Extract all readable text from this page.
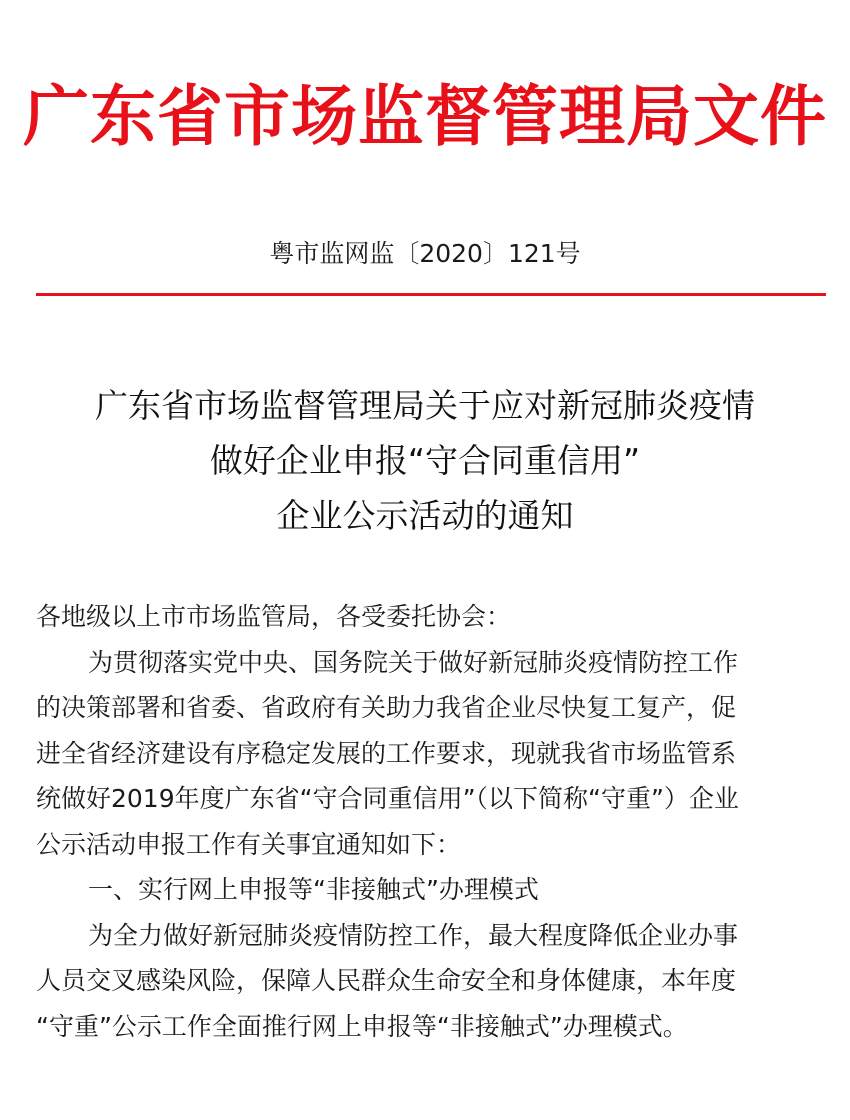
广东省市场监督管理局文件
粤市监网监〔2020〕121号
广东省市场监督管理局关于应对新冠肺炎疫情
做好企业申报“守合同重信用”
企业公示活动的通知
各地级以上市市场监管局，各受委托协会：
为贯彻落实党中央、国务院关于做好新冠肺炎疫情防控工作
的决策部署和省委、省政府有关助力我省企业尽快复工复产，促
进全省经济建设有序稳定发展的工作要求，现就我省市场监管系
统做好2019年度广东省“守合同重信用”（以下简称“守重”）企业
公示活动申报工作有关事宜通知如下：
一、实行网上申报等“非接触式”办理模式
为全力做好新冠肺炎疫情防控工作，最大程度降低企业办事
人员交叉感染风险，保障人民群众生命安全和身体健康，本年度
“守重”公示工作全面推行网上申报等“非接触式”办理模式。
